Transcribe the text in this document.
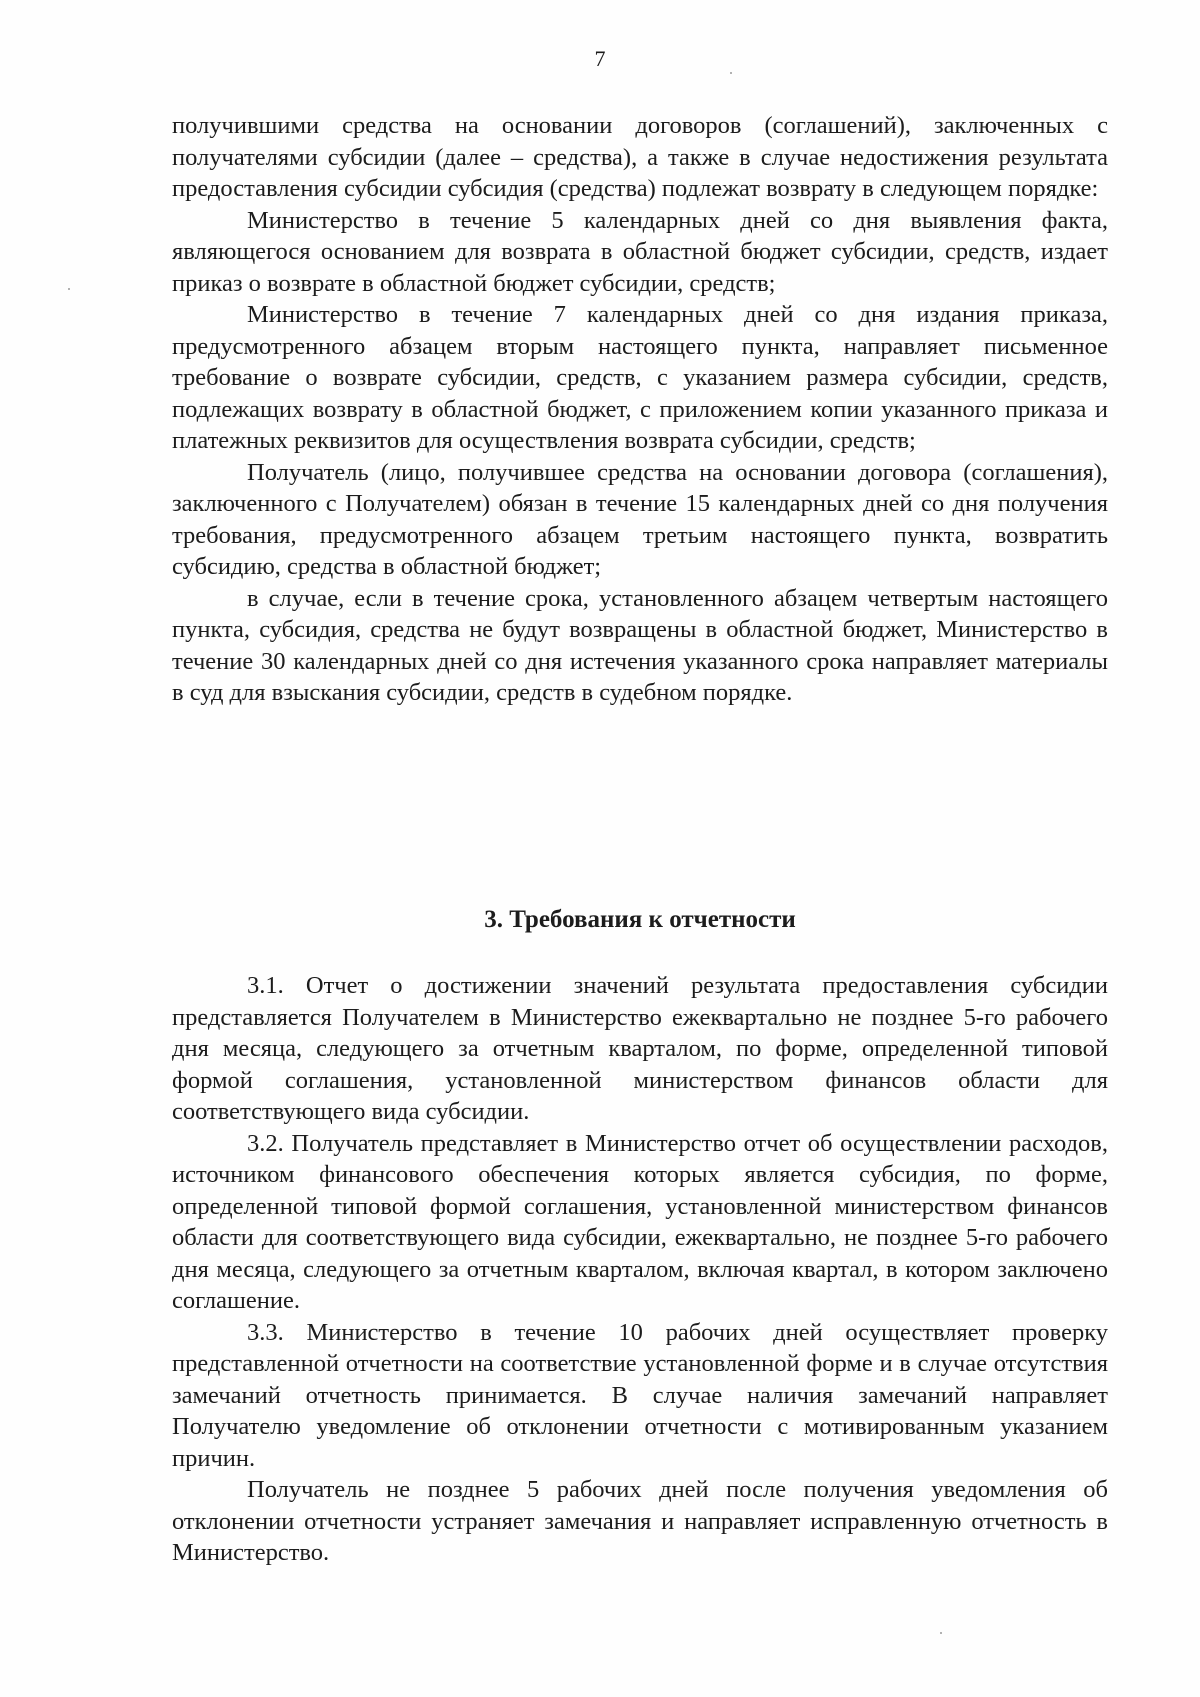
7

получившими средства на основании договоров (соглашений), заключенных с получателями субсидии (далее – средства), а также в случае недостижения результата предоставления субсидии субсидия (средства) подлежат возврату в следующем порядке:

Министерство в течение 5 календарных дней со дня выявления факта, являющегося основанием для возврата в областной бюджет субсидии, средств, издает приказ о возврате в областной бюджет субсидии, средств;

Министерство в течение 7 календарных дней со дня издания приказа, предусмотренного абзацем вторым настоящего пункта, направляет письменное требование о возврате субсидии, средств, с указанием размера субсидии, средств, подлежащих возврату в областной бюджет, с приложением копии указанного приказа и платежных реквизитов для осуществления возврата субсидии, средств;

Получатель (лицо, получившее средства на основании договора (соглашения), заключенного с Получателем) обязан в течение 15 календарных дней со дня получения требования, предусмотренного абзацем третьим настоящего пункта, возвратить субсидию, средства в областной бюджет;

в случае, если в течение срока, установленного абзацем четвертым настоящего пункта, субсидия, средства не будут возвращены в областной бюджет, Министерство в течение 30 календарных дней со дня истечения указанного срока направляет материалы в суд для взыскания субсидии, средств в судебном порядке.

3. Требования к отчетности

3.1. Отчет о достижении значений результата предоставления субсидии представляется Получателем в Министерство ежеквартально не позднее 5-го рабочего дня месяца, следующего за отчетным кварталом, по форме, определенной типовой формой соглашения, установленной министерством финансов области для соответствующего вида субсидии.

3.2. Получатель представляет в Министерство отчет об осуществлении расходов, источником финансового обеспечения которых является субсидия, по форме, определенной типовой формой соглашения, установленной министерством финансов области для соответствующего вида субсидии, ежеквартально, не позднее 5-го рабочего дня месяца, следующего за отчетным кварталом, включая квартал, в котором заключено соглашение.

3.3. Министерство в течение 10 рабочих дней осуществляет проверку представленной отчетности на соответствие установленной форме и в случае отсутствия замечаний отчетность принимается. В случае наличия замечаний направляет Получателю уведомление об отклонении отчетности с мотивированным указанием причин.

Получатель не позднее 5 рабочих дней после получения уведомления об отклонении отчетности устраняет замечания и направляет исправленную отчетность в Министерство.
